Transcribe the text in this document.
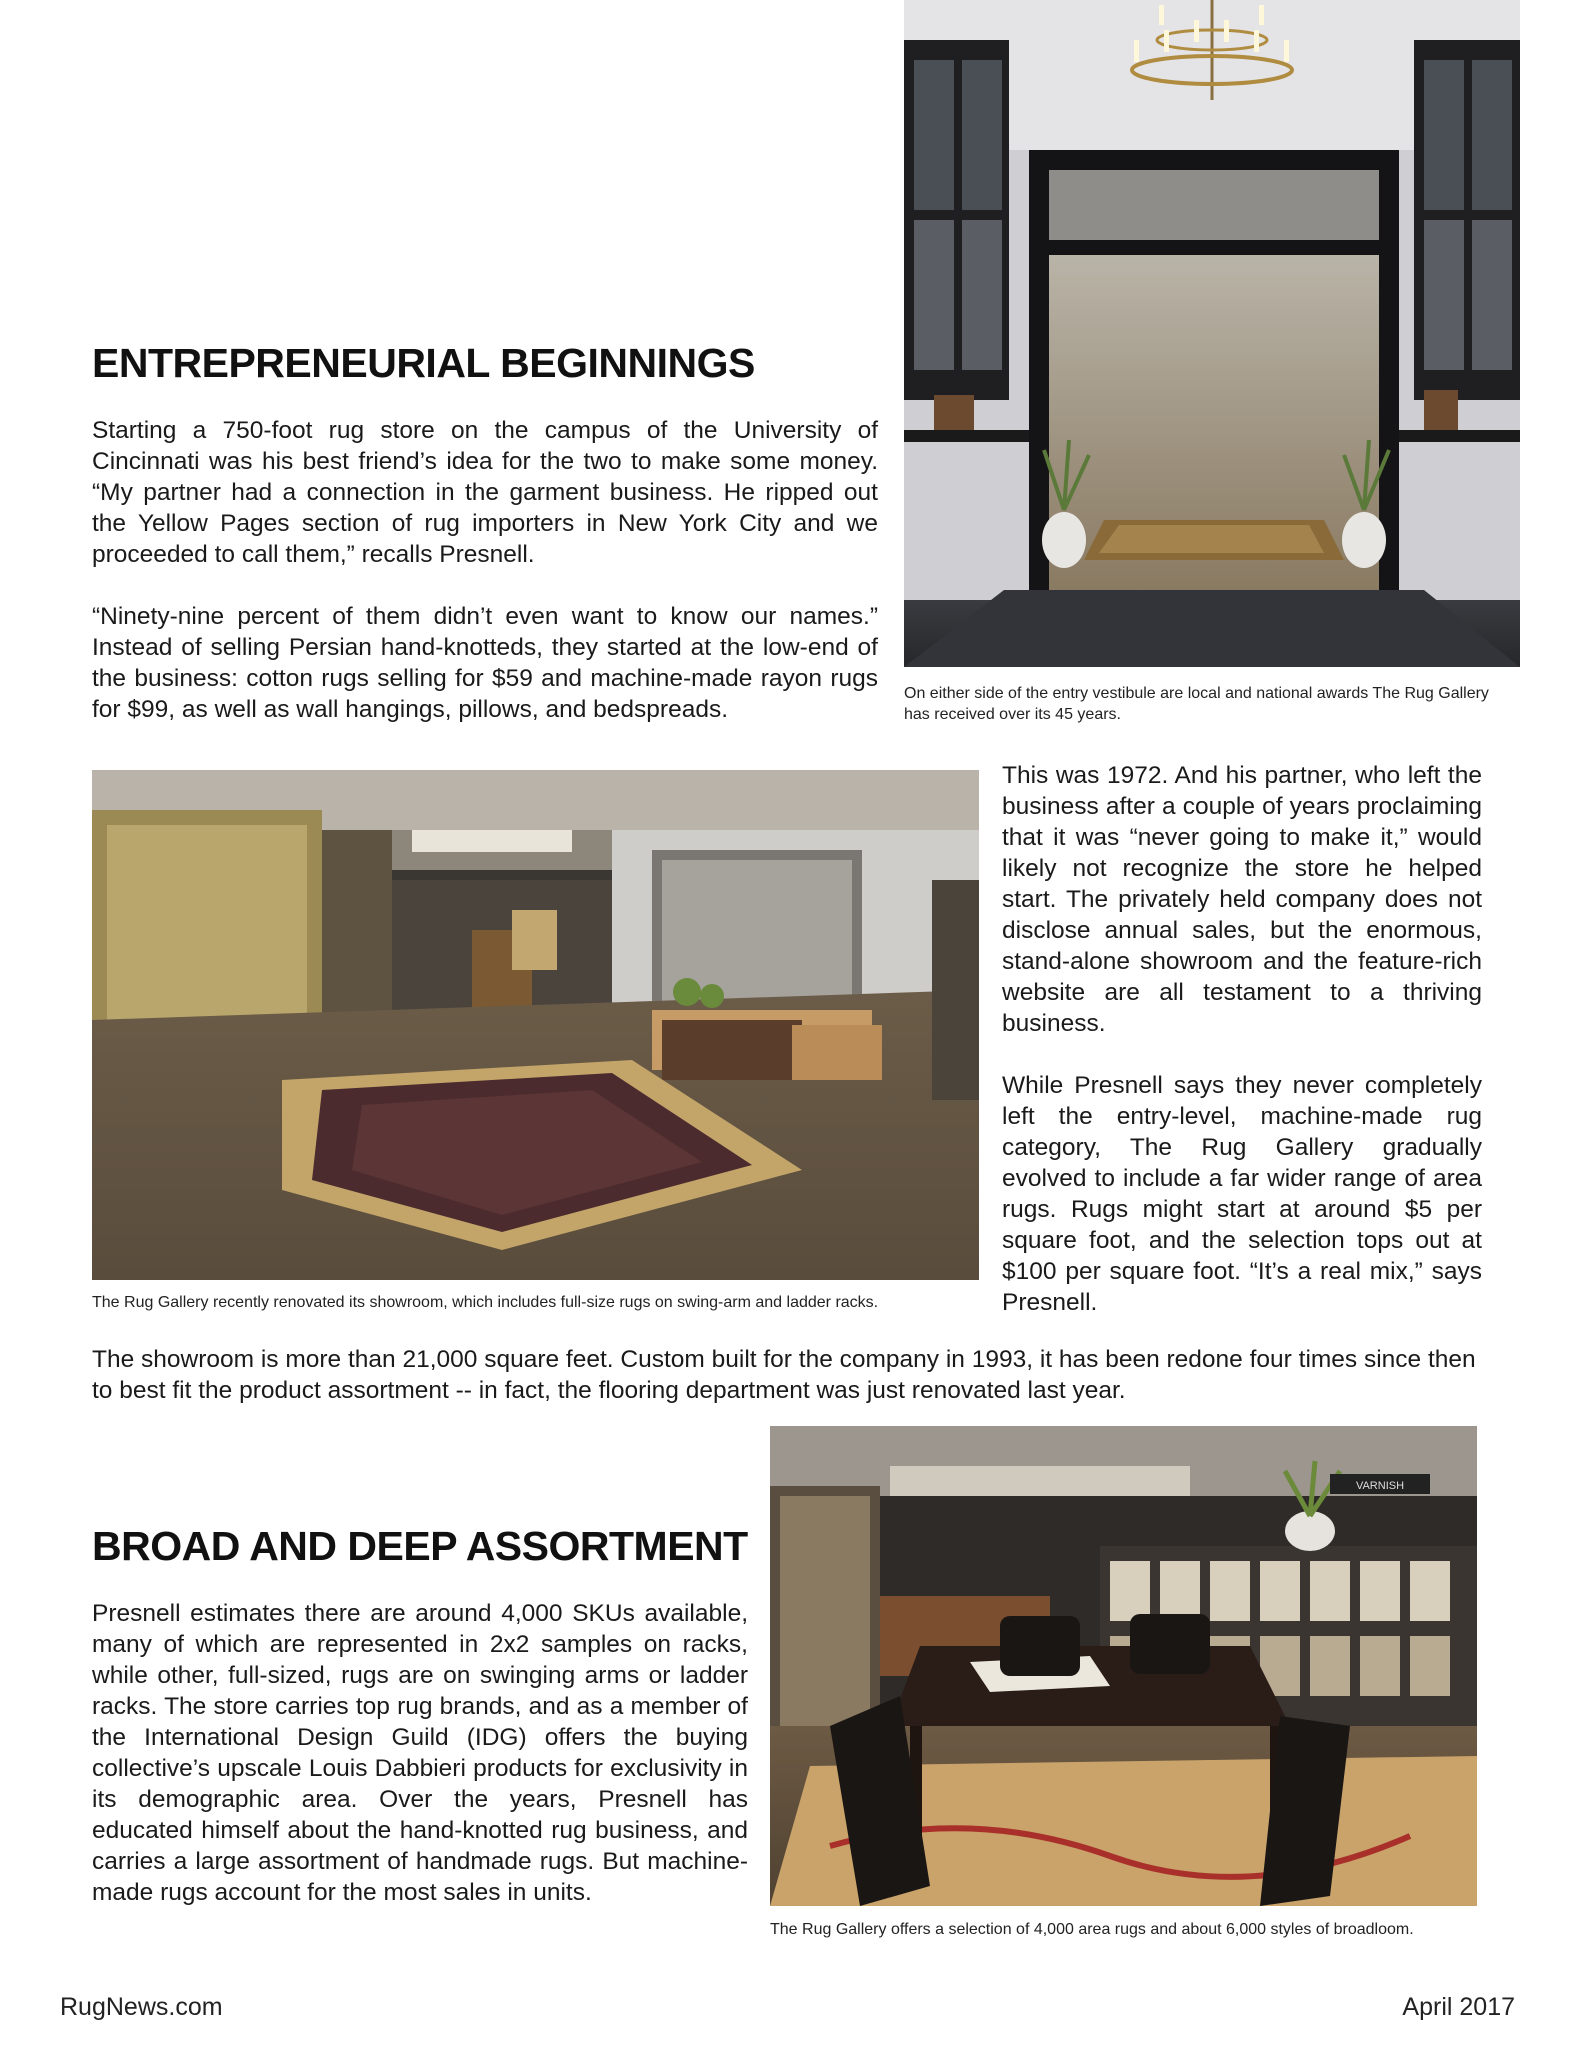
ENTREPRENEURIAL BEGINNINGS

Starting a 750-foot rug store on the campus of the University of Cincinnati was his best friend’s idea for the two to make some money. “My partner had a connection in the garment business. He ripped out the Yellow Pages section of rug importers in New York City and we proceeded to call them,” recalls Presnell.

“Ninety-nine percent of them didn’t even want to know our names.” Instead of selling Persian hand-knotteds, they started at the low-end of the business: cotton rugs selling for $59 and machine-made rayon rugs for $99, as well as wall hangings, pillows, and bedspreads.

On either side of the entry vestibule are local and national awards The Rug Gallery has received over its 45 years.

This was 1972. And his partner, who left the business after a couple of years proclaiming that it was “never going to make it,” would likely not recognize the store he helped start. The privately held company does not disclose annual sales, but the enormous, stand-alone showroom and the feature-rich website are all testament to a thriving business.

While Presnell says they never completely left the entry-level, machine-made rug category, The Rug Gallery gradually evolved to include a far wider range of area rugs. Rugs might start at around $5 per square foot, and the selection tops out at $100 per square foot. “It’s a real mix,” says Presnell.

The Rug Gallery recently renovated its showroom, which includes full-size rugs on swing-arm and ladder racks.
The showroom is more than 21,000 square feet. Custom built for the company in 1993, it has been redone four times since then to best fit the product assortment -- in fact, the flooring department was just renovated last year.
VARNISH
BROAD AND DEEP ASSORTMENT

Presnell estimates there are around 4,000 SKUs available, many of which are represented in 2x2 samples on racks, while other, full-sized, rugs are on swinging arms or ladder racks. The store carries top rug brands, and as a member of the International Design Guild (IDG) offers the buying collective’s upscale Louis Dabbieri products for exclusivity in its demographic area. Over the years, Presnell has educated himself about the hand-knotted rug business, and carries a large assortment of handmade rugs. But machine-made rugs account for the most sales in units.

The Rug Gallery offers a selection of 4,000 area rugs and about 6,000 styles of broadloom.
RugNews.com	April 2017
